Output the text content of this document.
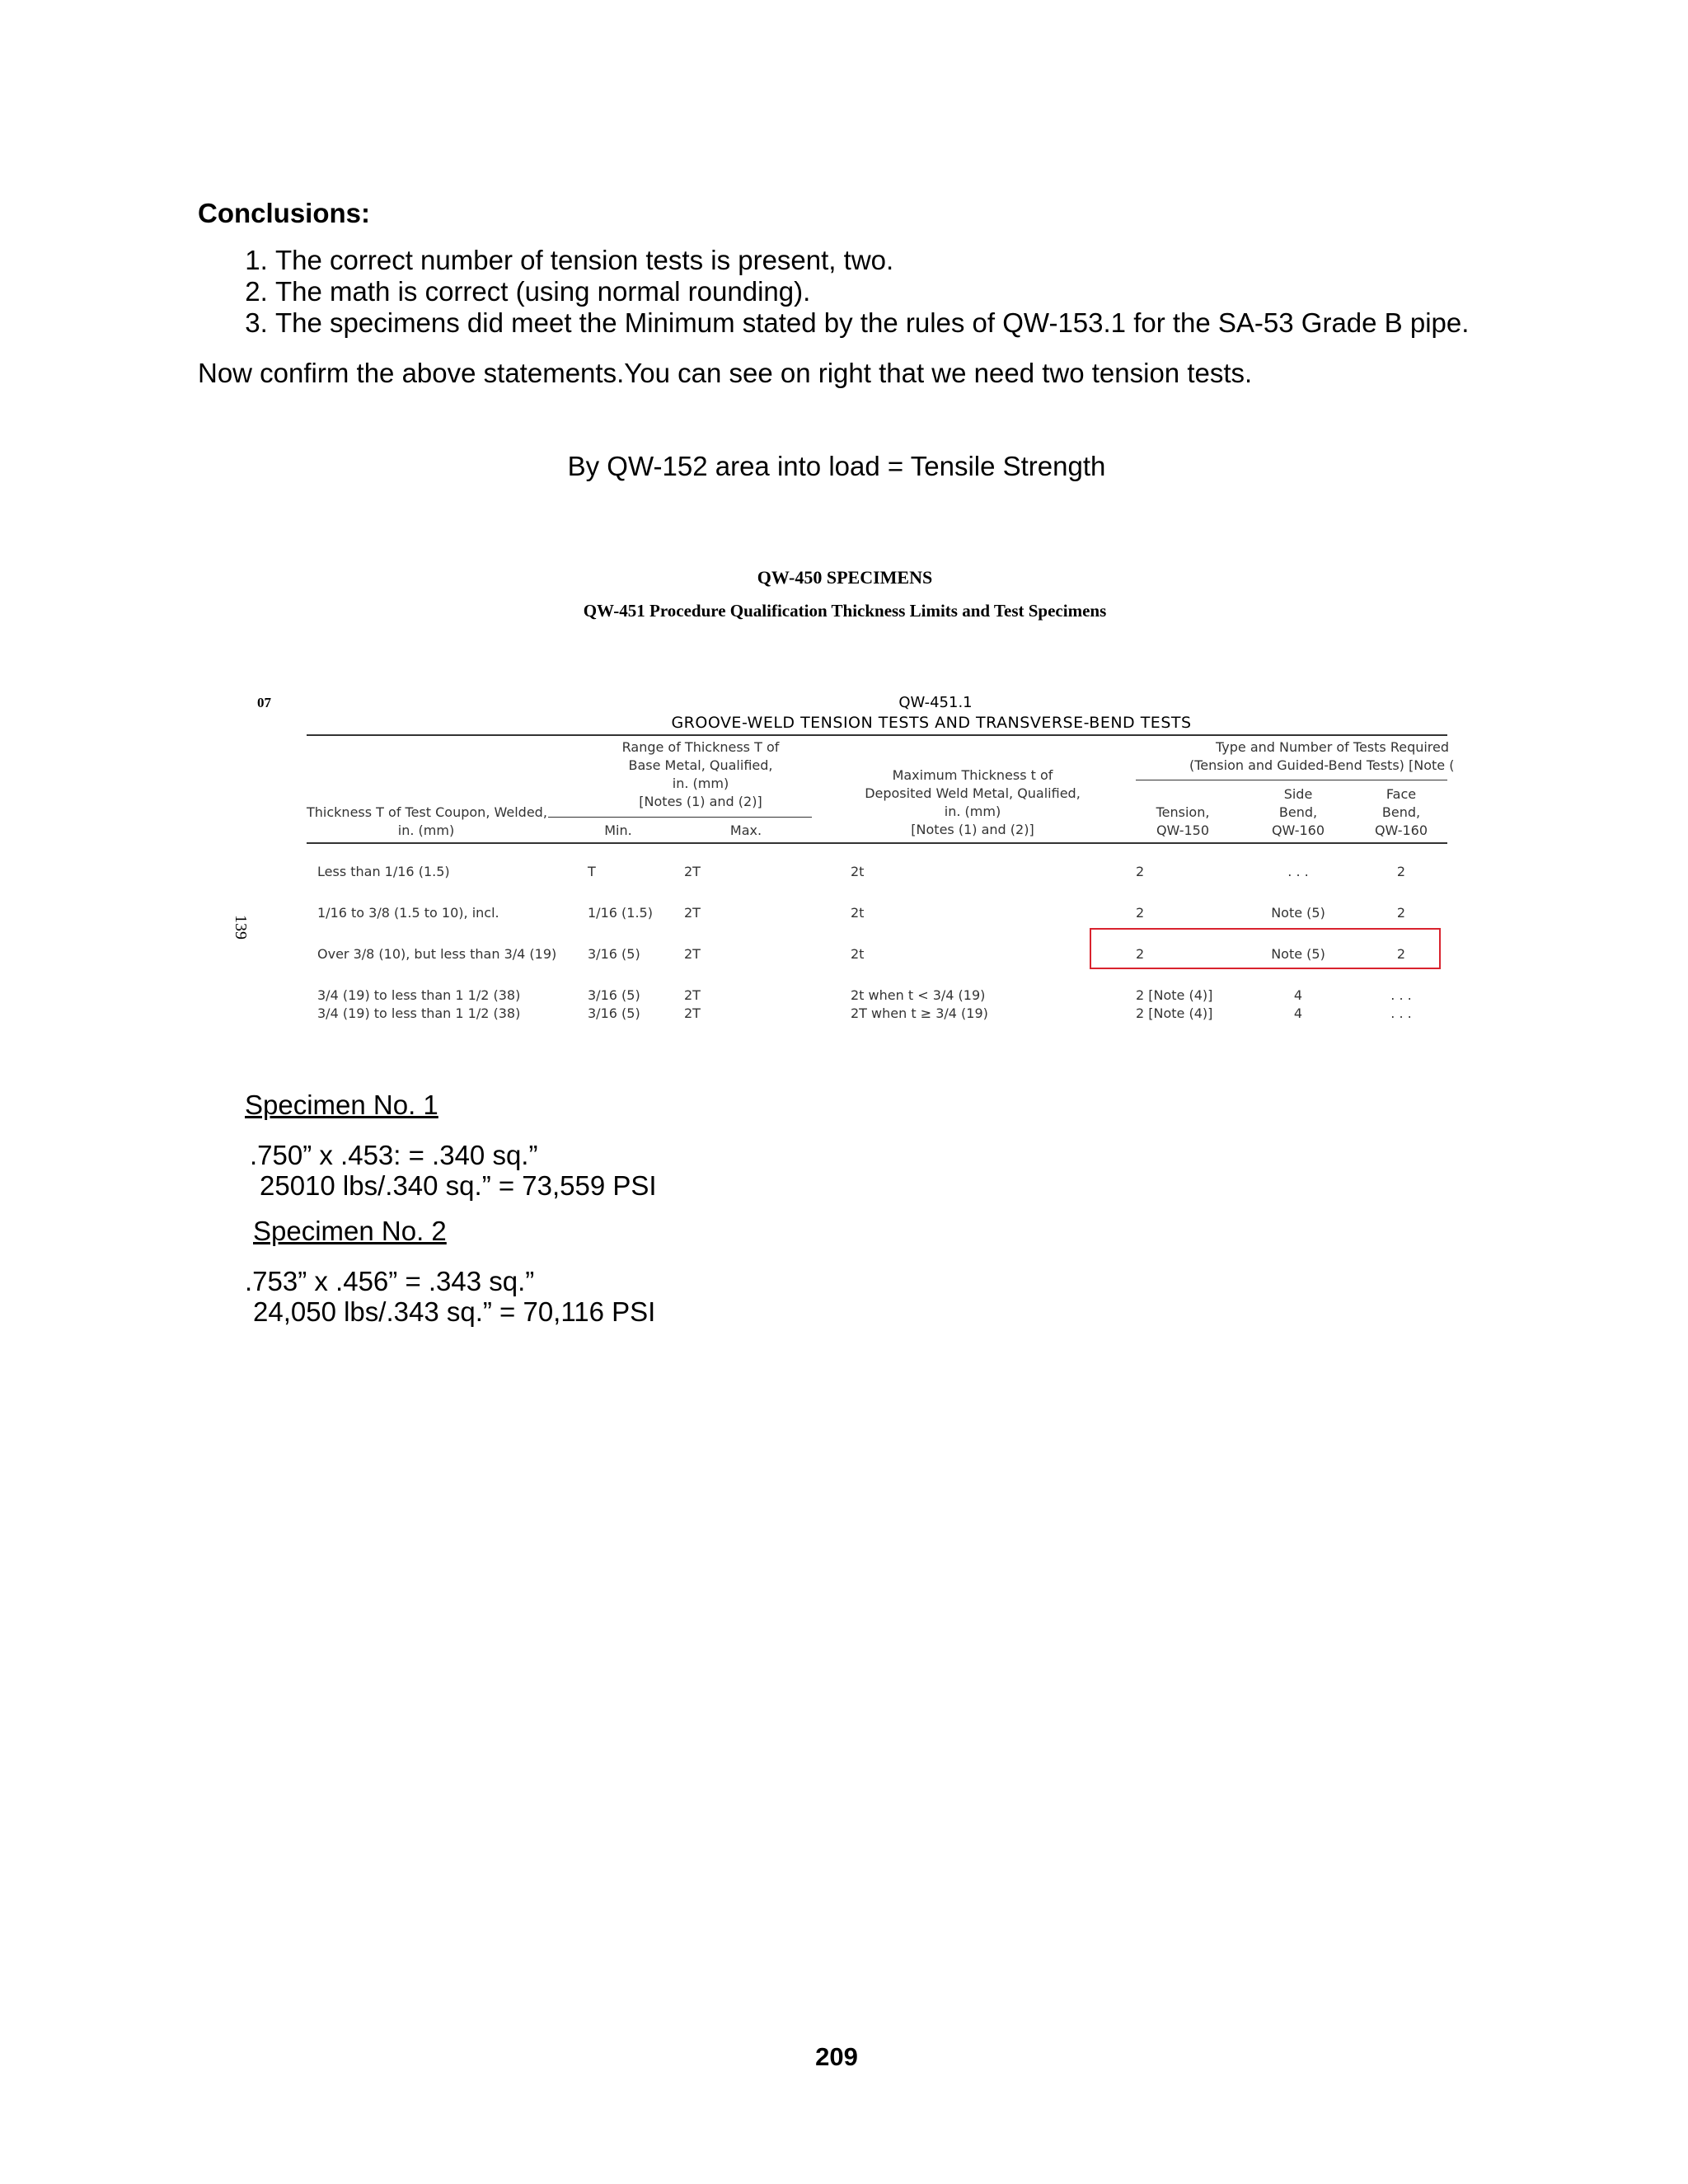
Conclusions:
1. The correct number of tension tests is present, two.
2. The math is correct (using normal rounding).
3. The specimens did meet the Minimum stated by the rules of QW-153.1 for the SA-53 Grade B pipe.
Now confirm the above statements.You can see on right that we need two tension tests.
By QW-152 area into load = Tensile Strength
QW-450 SPECIMENS
QW-451 Procedure Qualification Thickness Limits and Test Specimens
07
139
QW-451.1
GROOVE-WELD TENSION TESTS AND TRANSVERSE-BEND TESTS
Thickness T of Test Coupon, Welded,
in. (mm)
Range of Thickness T of
Base Metal, Qualified,
in. (mm)
[Notes (1) and (2)]
Min.	Max.
Maximum Thickness t of
Deposited Weld Metal, Qualified,
in. (mm)
[Notes (1) and (2)]
Type and Number of Tests Required
(Tension and Guided-Bend Tests) [Note (
Tension,
QW-150
Side
Bend,
QW-160
Face
Bend,
QW-160
Less than 1/16 (1.5)	T	2T	2t	2	. . .	2
1/16 to 3/8 (1.5 to 10), incl.	1/16 (1.5) 2T	2t	2	Note (5)	2
Over 3/8 (10), but less than 3/4 (19) 3/16 (5)	2T	2t	2	Note (5)	2
3/4 (19) to less than 1 1/2 (38)	3/16 (5)	2T	2t when t < 3/4 (19)	2 [Note (4)]	4	. . .
3/4 (19) to less than 1 1/2 (38)	3/16 (5)	2T	2T when t ≥ 3/4 (19)	2 [Note (4)]	4	. . .
Specimen No. 1
.750” x .453: = .340 sq.”
25010 lbs/.340 sq.” = 73,559 PSI
Specimen No. 2
.753” x .456” = .343 sq.”
24,050 lbs/.343 sq.” = 70,116 PSI
209
